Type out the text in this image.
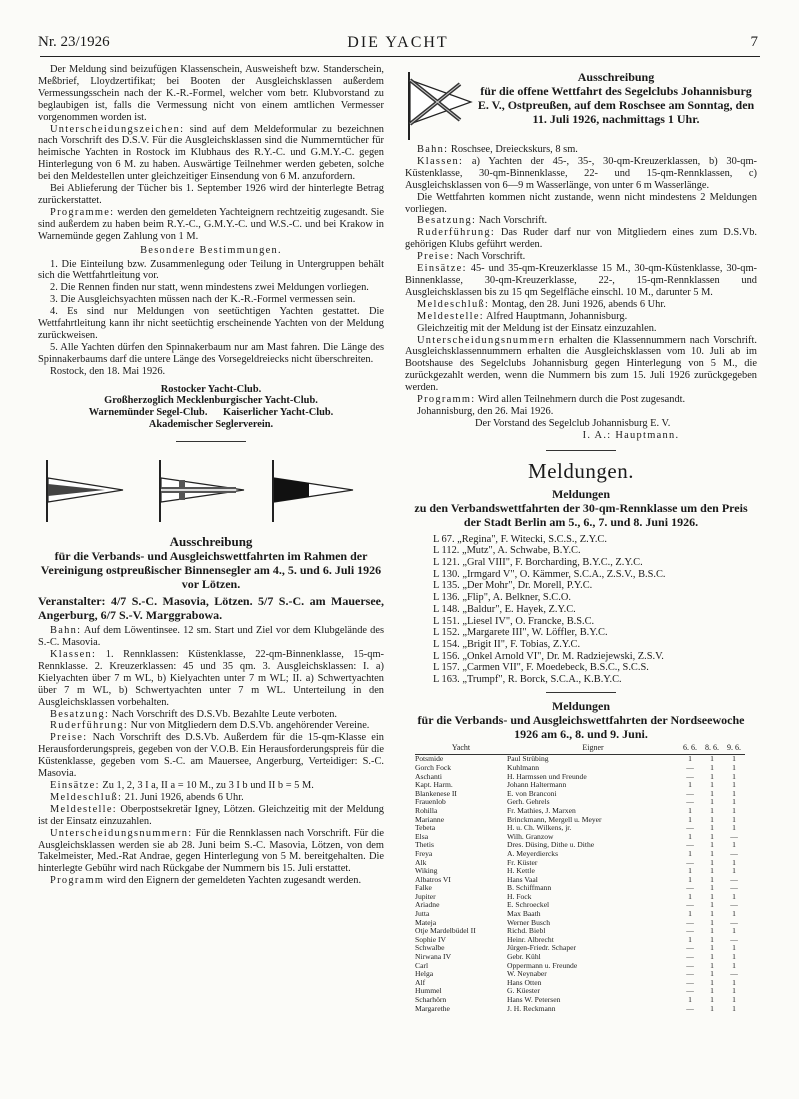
Nr. 23/1926	DIE YACHT	7

Der Meldung sind beizufügen Klassenschein, Ausweisheft bzw. Standerschein, Meßbrief, Lloydzertifikat; bei Booten der Ausgleichsklassen außerdem Vermessungsschein nach der K.-R.-Formel, welcher vom betr. Klubvorstand zu beglaubigen ist, falls die Vermessung nicht von einem amtlichen Vermesser vorgenommen worden ist.

Unterscheidungszeichen: sind auf dem Meldeformular zu bezeichnen nach Vorschrift des D.S.V. Für die Ausgleichsklassen sind die Nummerntücher für heimische Yachten in Rostock im Klubhaus des R.Y.-C. und G.M.Y.-C. gegen Hinterlegung von 6 M. zu haben. Auswärtige Teilnehmer werden gebeten, solche bei den Meldestellen unter gleichzeitiger Einsendung von 6 M. anzufordern.

Bei Ablieferung der Tücher bis 1. September 1926 wird der hinterlegte Betrag zurückerstattet.

Programme: werden den gemeldeten Yachteignern rechtzeitig zugesandt. Sie sind außerdem zu haben beim R.Y.-C., G.M.Y.-C. und W.S.-C. und bei Krakow in Warnemünde gegen Zahlung von 1 M.

Besondere Bestimmungen.

1. Die Einteilung bzw. Zusammenlegung oder Teilung in Untergruppen behält sich die Wettfahrtleitung vor.

2. Die Rennen finden nur statt, wenn mindestens zwei Meldungen vorliegen.

3. Die Ausgleichsyachten müssen nach der K.-R.-Formel vermessen sein.

4. Es sind nur Meldungen von seetüchtigen Yachten gestattet. Die Wettfahrtleitung kann ihr nicht seetüchtig erscheinende Yachten von der Meldung zurückweisen.

5. Alle Yachten dürfen den Spinnakerbaum nur am Mast fahren. Die Länge des Spinnakerbaums darf die untere Länge des Vorsegeldreiecks nicht überschreiten.

Rostock, den 18. Mai 1926.

Rostocker Yacht-Club.

Großherzoglich Mecklenburgischer Yacht-Club.

Warnemünder Segel-Club.      Kaiserlicher Yacht-Club.

Akademischer Seglerverein.

Ausschreibung

für die Verbands- und Ausgleichswettfahrten im Rahmen der Vereinigung ostpreußischer Binnensegler am 4., 5. und 6. Juli 1926 vor Lötzen.

Veranstalter: 4/7 S.-C. Masovia, Lötzen. 5/7 S.-C. am Mauersee, Angerburg, 6/7 S.-V. Marggrabowa.

Bahn: Auf dem Löwentinsee. 12 sm. Start und Ziel vor dem Klubgelände des S.-C. Masovia.

Klassen: 1. Rennklassen: Küstenklasse, 22-qm-Binnenklasse, 15-qm-Rennklasse. 2. Kreuzerklassen: 45 und 35 qm. 3. Ausgleichsklassen: I. a) Kielyachten über 7 m WL, b) Kielyachten unter 7 m WL; II. a) Schwertyachten über 7 m WL, b) Schwertyachten unter 7 m WL. Unterteilung in den Ausgleichsklassen vorbehalten.

Besatzung: Nach Vorschrift des D.S.Vb. Bezahlte Leute verboten.

Ruderführung: Nur von Mitgliedern dem D.S.Vb. angehörender Vereine.

Preise: Nach Vorschrift des D.S.Vb. Außerdem für die 15-qm-Klasse ein Herausforderungspreis, gegeben von der V.O.B. Ein Herausforderungspreis für die Küstenklasse, gegeben vom S.-C. am Mauersee, Angerburg, Verteidiger: S.-C. Masovia.

Einsätze: Zu 1, 2, 3 I a, II a = 10 M., zu 3 I b und II b = 5 M.

Meldeschluß: 21. Juni 1926, abends 6 Uhr.

Meldestelle: Oberpostsekretär Igney, Lötzen. Gleichzeitig mit der Meldung ist der Einsatz einzuzahlen.

Unterscheidungsnummern: Für die Rennklassen nach Vorschrift. Für die Ausgleichsklassen werden sie ab 28. Juni beim S.-C. Masovia, Lötzen, von dem Takelmeister, Med.-Rat Andrae, gegen Hinterlegung von 5 M. bereitgehalten. Die hinterlegte Gebühr wird nach Rückgabe der Nummern bis 15. Juli erstattet.

Programm wird den Eignern der gemeldeten Yachten zugesandt werden.

Ausschreibung

für die offene Wettfahrt des Segelclubs Johannisburg E. V., Ostpreußen, auf dem Roschsee am Sonntag, den 11. Juli 1926, nachmittags 1 Uhr.

Bahn: Roschsee, Dreieckskurs, 8 sm.

Klassen: a) Yachten der 45-, 35-, 30-qm-Kreuzerklassen, b) 30-qm-Küstenklasse, 30-qm-Binnenklasse, 22- und 15-qm-Rennklassen, c) Ausgleichsklassen von 6—9 m Wasserlänge, von unter 6 m Wasserlänge.

Die Wettfahrten kommen nicht zustande, wenn nicht mindestens 2 Meldungen vorliegen.

Besatzung: Nach Vorschrift.

Ruderführung: Das Ruder darf nur von Mitgliedern eines zum D.S.Vb. gehörigen Klubs geführt werden.

Preise: Nach Vorschrift.

Einsätze: 45- und 35-qm-Kreuzerklasse 15 M., 30-qm-Küstenklasse, 30-qm-Binnenklasse, 30-qm-Kreuzerklasse, 22-, 15-qm-Rennklassen und Ausgleichsklassen bis zu 15 qm Segelfläche einschl. 10 M., darunter 5 M.

Meldeschluß: Montag, den 28. Juni 1926, abends 6 Uhr.

Meldestelle: Alfred Hauptmann, Johannisburg.

Gleichzeitig mit der Meldung ist der Einsatz einzuzahlen.

Unterscheidungsnummern erhalten die Klassennummern nach Vorschrift. Ausgleichsklassennummern erhalten die Ausgleichsklassen vom 10. Juli ab im Bootshause des Segelclubs Johannisburg gegen Hinterlegung von 5 M., die zurückgezahlt werden, wenn die Nummern bis zum 15. Juli 1926 zurückgegeben werden.

Programm: Wird allen Teilnehmern durch die Post zugesandt.

Johannisburg, den 26. Mai 1926.

Der Vorstand des Segelclub Johannisburg E. V.

I. A.: Hauptmann.

Meldungen.

Meldungen

zu den Verbandswettfahrten der 30-qm-Rennklasse um den Preis der Stadt Berlin am 5., 6., 7. und 8. Juni 1926.

L 67. „Regina", F. Witecki, S.C.S., Z.Y.C.
L 112. „Mutz", A. Schwabe, B.Y.C.
L 121. „Gral VIII", F. Borcharding, B.Y.C., Z.Y.C.
L 130. „Irmgard V", O. Kämmer, S.C.A., Z.S.V., B.S.C.
L 135. „Der Mohr", Dr. Morell, P.Y.C.
L 136. „Flip", A. Belkner, S.C.O.
L 148. „Baldur", E. Hayek, Z.Y.C.
L 151. „Liesel IV", O. Francke, B.S.C.
L 152. „Margarete III", W. Löffler, B.Y.C.
L 154. „Brigit II", F. Tobias, Z.Y.C.
L 156. „Onkel Arnold VI", Dr. M. Radziejewski, Z.S.V.
L 157. „Carmen VII", F. Moedebeck, B.S.C., S.C.S.
L 163. „Trumpf", R. Borck, S.C.A., K.B.Y.C.

Meldungen

für die Verbands- und Ausgleichswettfahrten der Nordseewoche 1926 am 6., 8. und 9. Juni.

Yacht	Eigner	6. 6.	8. 6.	9. 6.
Potsmide	Paul Strübing	1	1	1
Gorch Fock	Kuhlmann	—	1	1
Aschanti	H. Harmssen und Freunde	—	1	1
Kapt. Harm.	Johann Haltermann	1	1	1
Blankenese II	E. von Branconi	—	1	1
Frauenlob	Gerh. Gehrels	—	1	1
Rohilla	Fr. Mathies, J. Marxen	1	1	1
Marianne	Brinckmann, Mergell u. Meyer	1	1	1
Tebeta	H. u. Ch. Wilkens, jr.	—	1	1
Elsa	Wilh. Granzow	1	1	—
Thetis	Dres. Düsing, Dithe u. Dithe	—	1	1
Freya	A. Meyerdiercks	1	1	—
Alk	Fr. Küster	—	1	1
Wiking	H. Kettle	1	1	1
Albatros VI	Hans Vaal	1	1	—
Falke	B. Schiffmann	—	1	—
Jupiter	H. Fock	1	1	1
Ariadne	E. Schroeckel	—	1	—
Jutta	Max Baath	1	1	1
Mateja	Werner Busch	—	1	—
Otje Mardelbüdel II	Richd. Biebl	—	1	1
Sophie IV	Heinr. Albrecht	1	1	—
Schwalbe	Jürgen-Friedr. Schaper	—	1	1
Nirwana IV	Gebr. Kühl	—	1	1
Carl	Oppermann u. Freunde	—	1	1
Helga	W. Neynaber	—	1	—
Alf	Hans Otten	—	1	1
Hummel	G. Küester	—	1	1
Scharhörn	Hans W. Petersen	1	1	1
Margarethe	J. H. Reckmann	—	1	1
